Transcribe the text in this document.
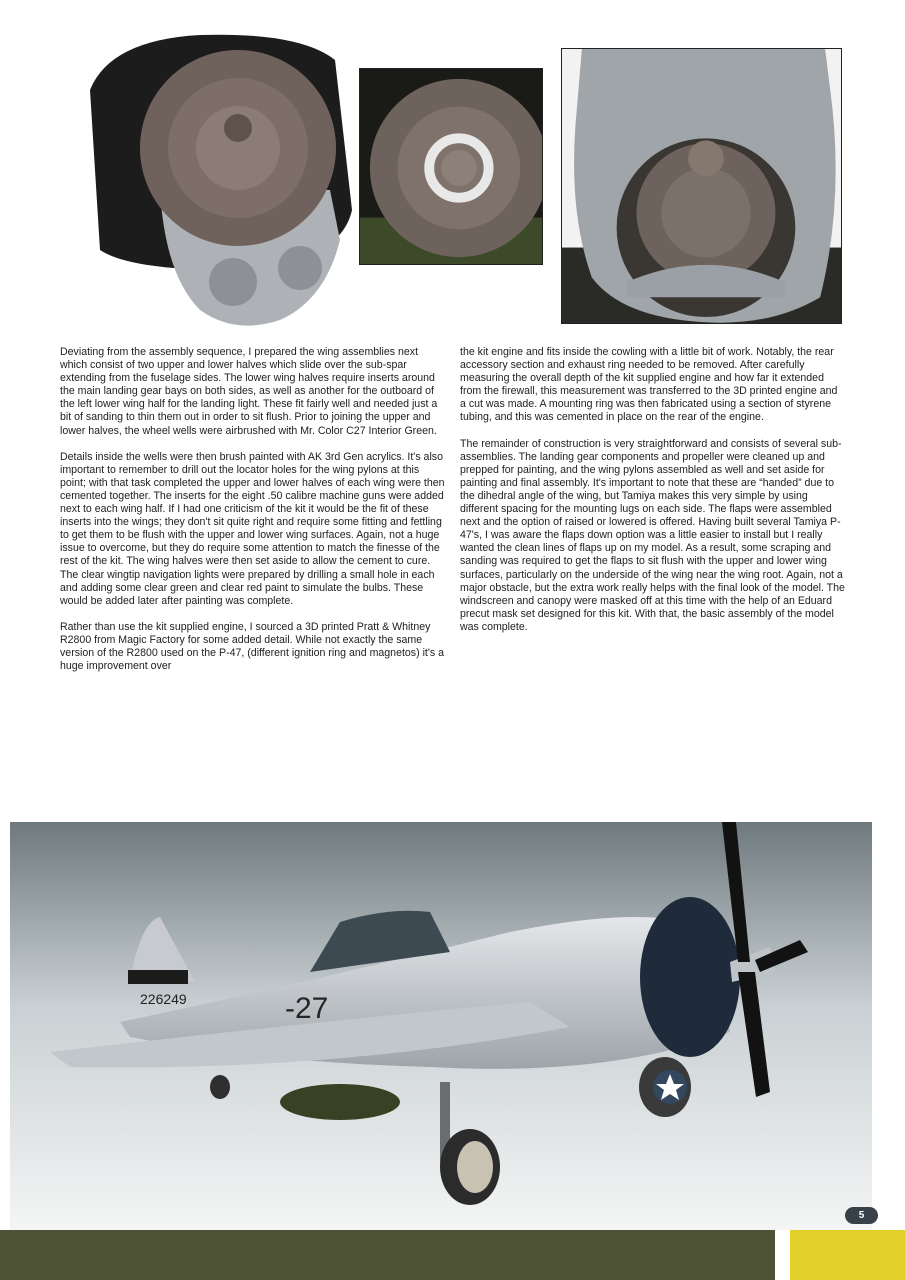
Deviating from the assembly sequence, I prepared the wing assemblies next which consist of two upper and lower halves which slide over the sub-spar extending from the fuselage sides. The lower wing halves require inserts around the main landing gear bays on both sides, as well as another for the outboard of the left lower wing half for the landing light. These fit fairly well and needed just a bit of sanding to thin them out in order to sit flush. Prior to joining the upper and lower halves, the wheel wells were airbrushed with Mr. Color C27 Interior Green.

Details inside the wells were then brush painted with AK 3rd Gen acrylics. It's also important to remember to drill out the locator holes for the wing pylons at this point; with that task completed the upper and lower halves of each wing were then cemented together. The inserts for the eight .50 calibre machine guns were added next to each wing half. If I had one criticism of the kit it would be the fit of these inserts into the wings; they don't sit quite right and require some fitting and fettling to get them to be flush with the upper and lower wing surfaces. Again, not a huge issue to overcome, but they do require some attention to match the finesse of the rest of the kit. The wing halves were then set aside to allow the cement to cure. The clear wingtip navigation lights were prepared by drilling a small hole in each and adding some clear green and clear red paint to simulate the bulbs. These would be added later after painting was complete.

Rather than use the kit supplied engine, I sourced a 3D printed Pratt & Whitney R2800 from Magic Factory for some added detail. While not exactly the same version of the R2800 used on the P-47, (different ignition ring and magnetos) it's a huge improvement over

the kit engine and fits inside the cowling with a little bit of work. Notably, the rear accessory section and exhaust ring needed to be removed. After carefully measuring the overall depth of the kit supplied engine and how far it extended from the firewall, this measurement was transferred to the 3D printed engine and a cut was made. A mounting ring was then fabricated using a section of styrene tubing, and this was cemented in place on the rear of the engine.

The remainder of construction is very straightforward and consists of several sub-assemblies. The landing gear components and propeller were cleaned up and prepped for painting, and the wing pylons assembled as well and set aside for painting and final assembly. It's important to note that these are “handed” due to the dihedral angle of the wing, but Tamiya makes this very simple by using different spacing for the mounting lugs on each side. The flaps were assembled next and the option of raised or lowered is offered. Having built several Tamiya P-47's, I was aware the flaps down option was a little easier to install but I really wanted the clean lines of flaps up on my model. As a result, some scraping and sanding was required to get the flaps to sit flush with the upper and lower wing surfaces, particularly on the underside of the wing near the wing root. Again, not a major obstacle, but the extra work really helps with the final look of the model. The windscreen and canopy were masked off at this time with the help of an Eduard precut mask set designed for this kit. With that, the basic assembly of the model was complete.

226249	-27
5
